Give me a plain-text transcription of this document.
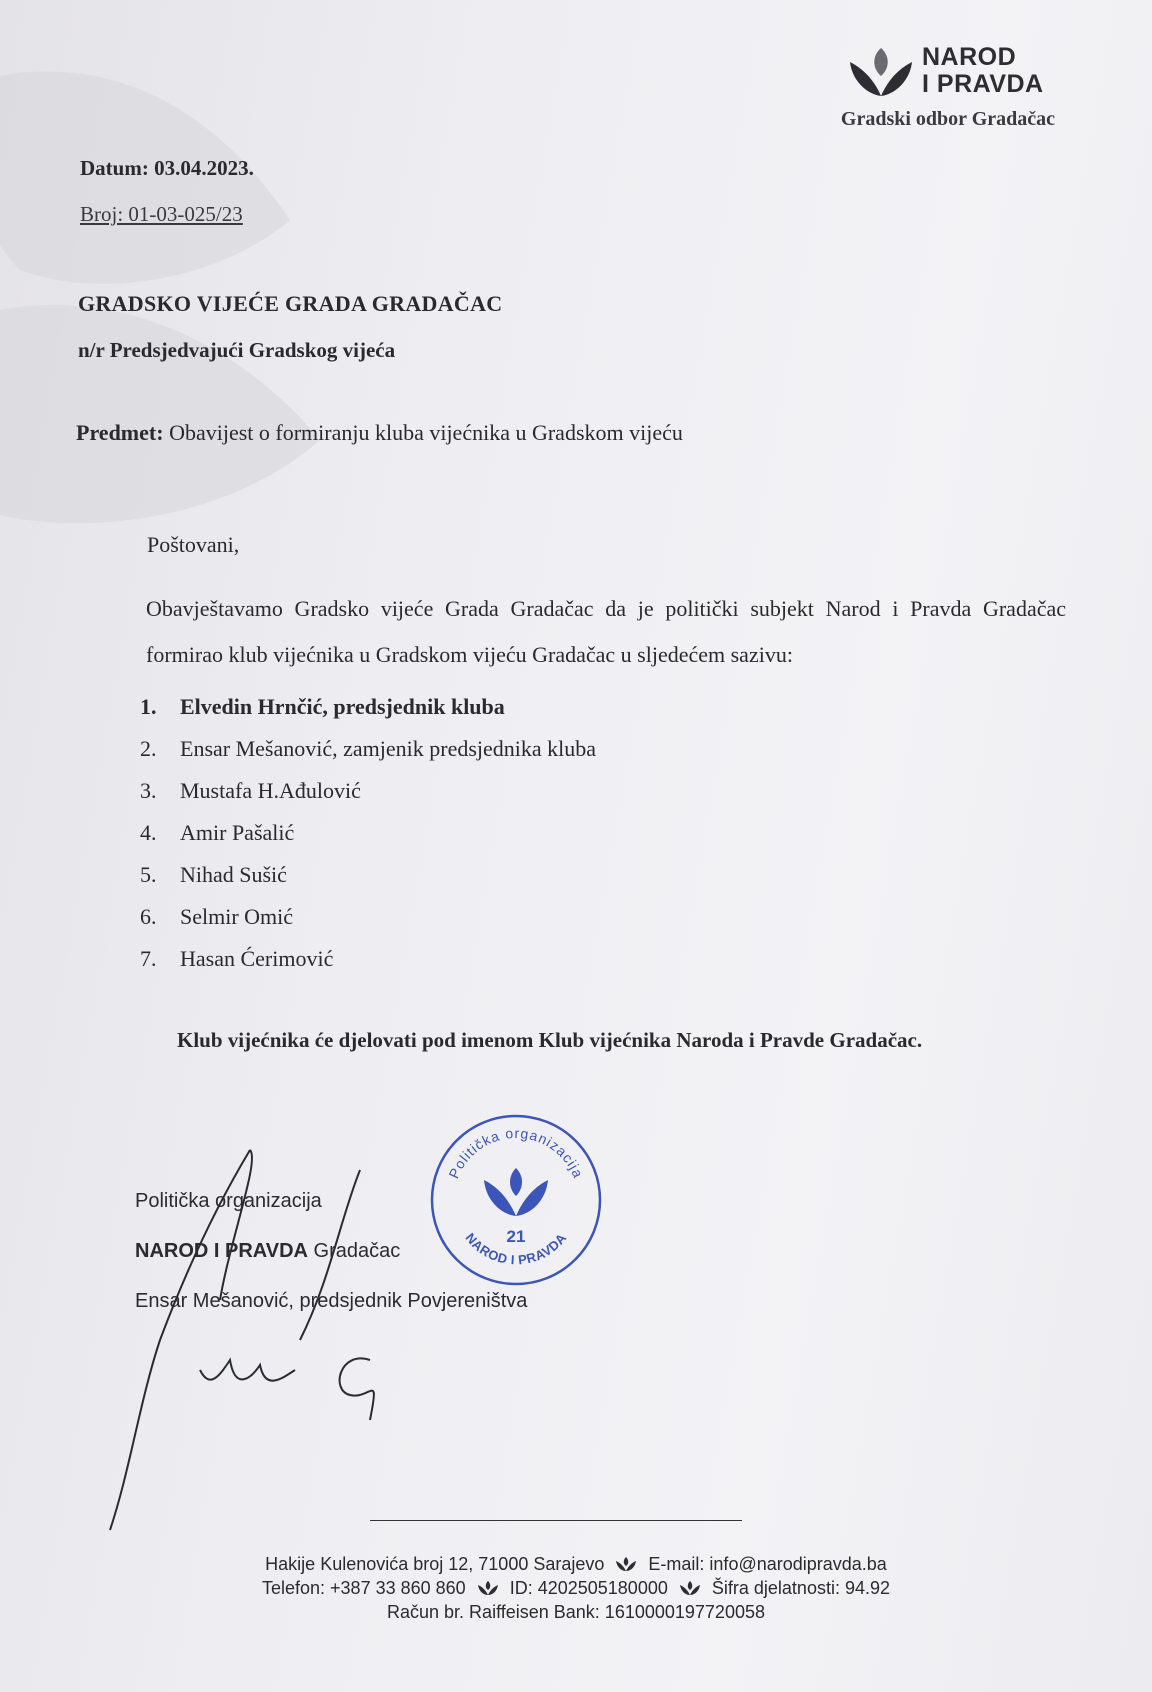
NAROD
I PRAVDA
Gradski odbor Gradačac
Datum: 03.04.2023.
Broj: 01-03-025/23
GRADSKO VIJEĆE GRADA GRADAČAC
n/r Predsjedvajući Gradskog vijeća
Predmet: Obavijest o formiranju kluba vijećnika u Gradskom vijeću
Poštovani,
Obavještavamo Gradsko vijeće Grada Gradačac da je politički subjekt Narod i Pravda Gradačac formirao klub vijećnika u Gradskom vijeću Gradačac u sljedećem sazivu:
1. Elvedin Hrnčić, predsjednik kluba
2. Ensar Mešanović, zamjenik predsjednika kluba
3. Mustafa H.Ađulović
4. Amir Pašalić
5. Nihad Sušić
6. Selmir Omić
7. Hasan Ćerimović
Klub vijećnika će djelovati pod imenom Klub vijećnika Naroda i Pravde Gradačac.
Politička organizacija
NAROD I PRAVDA Gradačac
Ensar Mešanović, predsjednik Povjereništva
Politička organizacija
21
NAROD I PRAVDA
Hakije Kulenovića broj 12, 71000 Sarajevo E-mail: info@narodipravda.ba
Telefon: +387 33 860 860 ID: 4202505180000 Šifra djelatnosti: 94.92
Račun br. Raiffeisen Bank: 1610000197720058
